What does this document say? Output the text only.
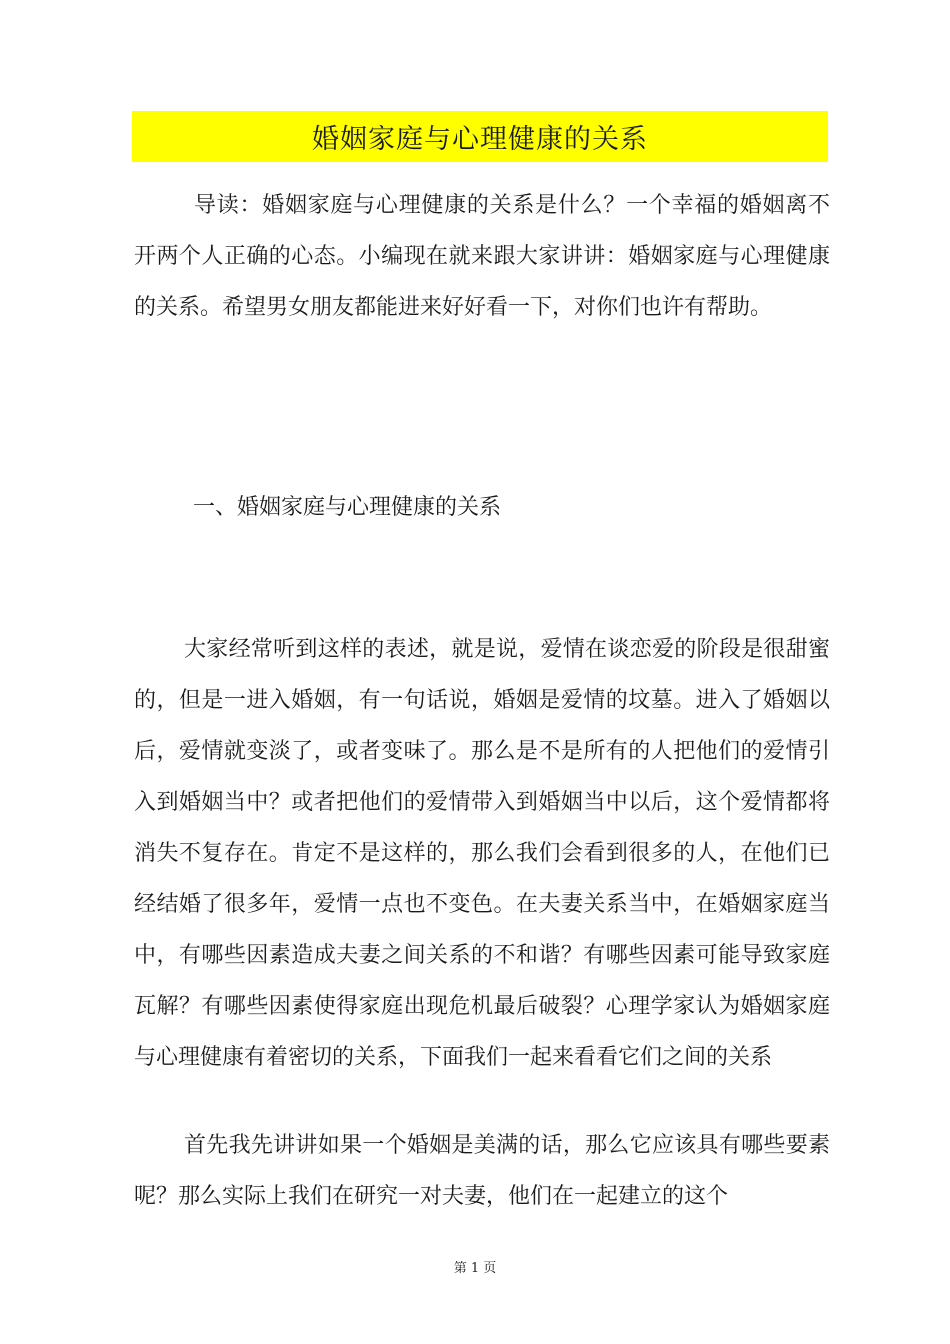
婚姻家庭与心理健康的关系
导读：婚姻家庭与心理健康的关系是什么？一个幸福的婚姻离不开两个人正确的心态。小编现在就来跟大家讲讲：婚姻家庭与心理健康的关系。希望男女朋友都能进来好好看一下，对你们也许有帮助。
一、婚姻家庭与心理健康的关系
大家经常听到这样的表述，就是说，爱情在谈恋爱的阶段是很甜蜜的，但是一进入婚姻，有一句话说，婚姻是爱情的坟墓。进入了婚姻以后，爱情就变淡了，或者变味了。那么是不是所有的人把他们的爱情引入到婚姻当中？或者把他们的爱情带入到婚姻当中以后，这个爱情都将消失不复存在。肯定不是这样的，那么我们会看到很多的人，在他们已经结婚了很多年，爱情一点也不变色。在夫妻关系当中，在婚姻家庭当中，有哪些因素造成夫妻之间关系的不和谐？有哪些因素可能导致家庭瓦解？有哪些因素使得家庭出现危机最后破裂？心理学家认为婚姻家庭与心理健康有着密切的关系，下面我们一起来看看它们之间的关系
首先我先讲讲如果一个婚姻是美满的话，那么它应该具有哪些要素呢？那么实际上我们在研究一对夫妻，他们在一起建立的这个
第 1 页
